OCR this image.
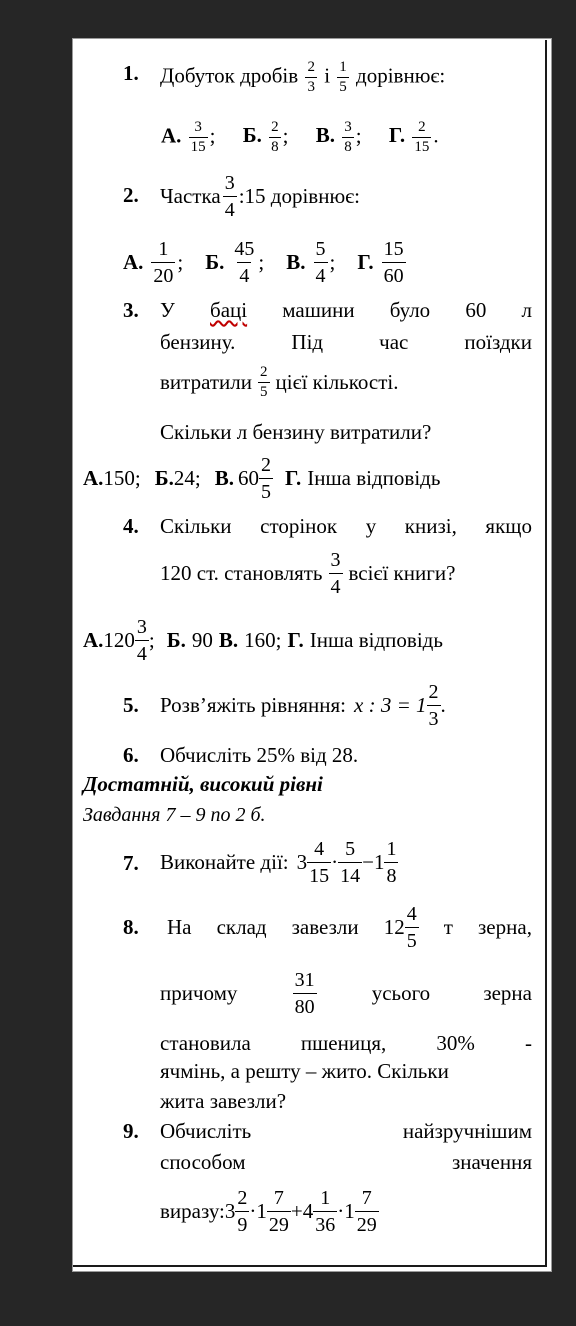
1. Добуток дробів $\frac{2}{3}$ і $\frac{1}{5}$ дорівнює:
А. $\frac{3}{15}$ ; Б. $\frac{2}{8}$ ; В. $\frac{3}{8}$ ; Г. $\frac{2}{15}$ .
2. Частка
3
4
:15 дорівнює:
А.
1
20
; Б.
45
4
; В.
5
4
; Г.
15
60
3. У баці машини було 60 л
бензину.	Під	час	поїздки
витратили 2
5 цієї кількості.
Скільки л бензину витратили?
А. 150; Б. 24; В. 60
2
5
Г. Інша відповідь
4. Скільки сторінок у книзі, якщо
120 ст. становлять
3
4
всієї книги?
А. 120
3
4
; Б. 90 В. 160; Г. Інша відповідь
5. Розв’яжіть рівняння: x : 3 = 1
2
3
.
6. Обчисліть 25% від 28.
Достатній, високий рівні
Завдання 7 – 9 по 2 б.
7. Виконайте дії: 3
4
15
·
5
14
−1
1
8
8. На склад завезли 12
4
5
т зерна,
причому
31
80
усього	зерна
становила пшениця, 30% -
ячмінь, а решту – жито. Скільки
жита завезли?
9. Обчисліть	найзручнішим
способом	значення
виразу: 3
2
9
·1
7
29
+4
1
36
·1
7
29
